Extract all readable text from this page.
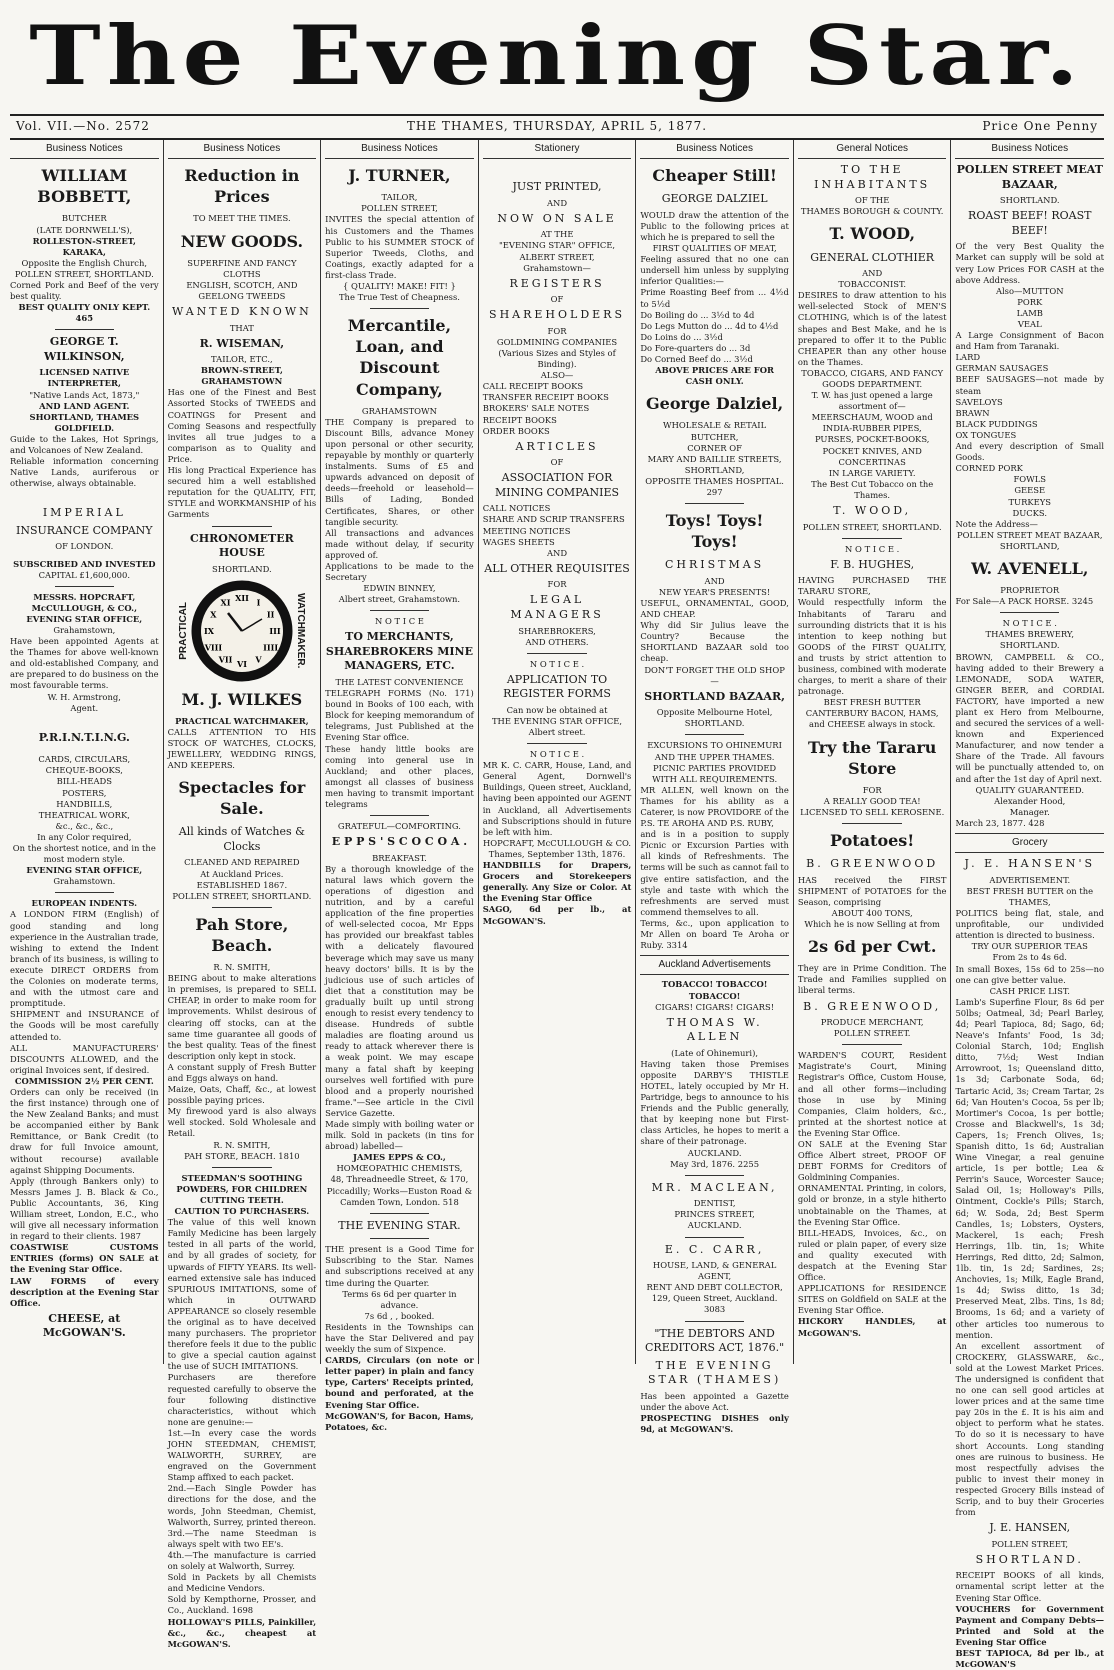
The Evening Star.
Vol. VII.—No. 2572	THE THAMES, THURSDAY, APRIL 5, 1877.	Price One Penny
Business Notices
WILLIAM BOBBETT,
BUTCHER
(LATE DORNWELL'S),
ROLLESTON-STREET, KARAKA,
Opposite the English Church,
POLLEN STREET, SHORTLAND.
Corned Pork and Beef of the very best quality.
BEST QUALITY ONLY KEPT. 465
GEORGE T. WILKINSON,
LICENSED NATIVE INTERPRETER,
"Native Lands Act, 1873,"
AND LAND AGENT.
SHORTLAND, THAMES GOLDFIELD.
Guide to the Lakes, Hot Springs, and Volcanoes of New Zealand.
Reliable information concerning Native Lands, auriferous or otherwise, always obtainable.
IMPERIAL
INSURANCE COMPANY
OF LONDON.
SUBSCRIBED AND INVESTED
CAPITAL £1,600,000.
MESSRS. HOPCRAFT, McCULLOUGH, & CO.,
EVENING STAR OFFICE,
Grahamstown,
Have been appointed Agents at the Thames for above well-known and old-established Company, and are prepared to do business on the most favourable terms.
W. H. Armstrong,
Agent.
P.R.I.N.T.I.N.G.
CARDS, CIRCULARS,
CHEQUE-BOOKS,
BILL-HEADS
POSTERS,
HANDBILLS,
THEATRICAL WORK,
&c., &c., &c.,
In any Color required,
On the shortest notice, and in the most modern style.
EVENING STAR OFFICE,
Grahamstown.
EUROPEAN INDENTS.
A LONDON FIRM (English) of good standing and long experience in the Australian trade, wishing to extend the Indent branch of its business, is willing to execute DIRECT ORDERS from the Colonies on moderate terms, and with the utmost care and promptitude.
SHIPMENT and INSURANCE of the Goods will be most carefully attended to.
ALL MANUFACTURERS' DISCOUNTS ALLOWED, and the original Invoices sent, if desired.
COMMISSION 2½ PER CENT.
Orders can only be received (in the first instance) through one of the New Zealand Banks; and must be accompanied either by Bank Remittance, or Bank Credit (to draw for full Invoice amount, without recourse) available against Shipping Documents.
Apply (through Bankers only) to Messrs James J. B. Black & Co., Public Accountants, 36, King William street, London, E.C., who will give all necessary information in regard to their clients. 1987
COASTWISE CUSTOMS ENTRIES (forms) ON SALE at the Evening Star Office.
LAW FORMS of every description at the Evening Star Office.
CHEESE, at McGOWAN'S.
Business Notices
Reduction in Prices
TO MEET THE TIMES.
NEW GOODS.
SUPERFINE AND FANCY CLOTHS
ENGLISH, SCOTCH, AND GEELONG TWEEDS
WANTED KNOWN
THAT
R. WISEMAN,
TAILOR, ETC.,
BROWN-STREET, GRAHAMSTOWN
Has one of the Finest and Best Assorted Stocks of TWEEDS and COATINGS for Present and Coming Seasons and respectfully invites all true judges to a comparison as to Quality and Price.
His long Practical Experience has secured him a well established reputation for the QUALITY, FIT, STYLE and WORKMANSHIP of his Garments
CHRONOMETER HOUSE
SHORTLAND.
PRACTICAL
XII I
II
III
IIII
V
VI
VII
VIII
IX
X
XI	WATCHMAKER.
M. J. WILKES
PRACTICAL WATCHMAKER,
CALLS ATTENTION TO HIS STOCK OF WATCHES, CLOCKS, JEWELLERY, WEDDING RINGS, AND KEEPERS.
Spectacles for Sale.
All kinds of Watches & Clocks
CLEANED AND REPAIRED
At Auckland Prices.
ESTABLISHED 1867.
POLLEN STREET, SHORTLAND.
Pah Store, Beach.
R. N. SMITH,
BEING about to make alterations in premises, is prepared to SELL CHEAP, in order to make room for improvements. Whilst desirous of clearing off stocks, can at the same time guarantee all goods of the best quality. Teas of the finest description only kept in stock.
A constant supply of Fresh Butter and Eggs always on hand.
Maize, Oats, Chaff, &c., at lowest possible paying prices.
My firewood yard is also always well stocked. Sold Wholesale and Retail.
R. N. SMITH,
PAH STORE, BEACH. 1810
STEEDMAN'S SOOTHING POWDERS, FOR CHILDREN CUTTING TEETH.
CAUTION TO PURCHASERS.
The value of this well known Family Medicine has been largely tested in all parts of the world, and by all grades of society, for upwards of FIFTY YEARS. Its well-earned extensive sale has induced SPURIOUS IMITATIONS, some of which in OUTWARD APPEARANCE so closely resemble the original as to have deceived many purchasers. The proprietor therefore feels it due to the public to give a special caution against the use of SUCH IMITATIONS.
Purchasers are therefore requested carefully to observe the four following distinctive characteristics, without which none are genuine:—
1st.—In every case the words JOHN STEEDMAN, CHEMIST, WALWORTH, SURREY, are engraved on the Government Stamp affixed to each packet.
2nd.—Each Single Powder has directions for the dose, and the words, John Steedman, Chemist, Walworth, Surrey, printed thereon.
3rd.—The name Steedman is always spelt with two EE's.
4th.—The manufacture is carried on solely at Walworth, Surrey.
Sold in Packets by all Chemists and Medicine Vendors.
Sold by Kempthorne, Prosser, and Co., Auckland. 1698
HOLLOWAY'S PILLS, Painkiller, &c., &c., cheapest at McGOWAN'S.
Business Notices
J. TURNER,
TAILOR,
POLLEN STREET,
INVITES the special attention of his Customers and the Thames Public to his SUMMER STOCK of Superior Tweeds, Cloths, and Coatings, exactly adapted for a first-class Trade.
{ QUALITY! MAKE! FIT! }
The True Test of Cheapness.
Mercantile, Loan, and Discount Company,
GRAHAMSTOWN
THE Company is prepared to Discount Bills, advance Money upon personal or other security, repayable by monthly or quarterly instalments. Sums of £5 and upwards advanced on deposit of deeds—freehold or leasehold—Bills of Lading, Bonded Certificates, Shares, or other tangible security.
All transactions and advances made without delay, if security approved of.
Applications to be made to the Secretary
EDWIN BINNEY,
Albert street, Grahamstown.
N O T I C E
TO MERCHANTS, SHAREBROKERS MINE MANAGERS, ETC.
THE LATEST CONVENIENCE
TELEGRAPH FORMS (No. 171) bound in Books of 100 each, with Block for keeping memorandum of telegrams, Just Published at the Evening Star office.
These handy little books are coming into general use in Auckland; and other places, amongst all classes of business men having to transmit important telegrams
GRATEFUL—COMFORTING.
E P P S ' S C O C O A .
BREAKFAST.
By a thorough knowledge of the natural laws which govern the operations of digestion and nutrition, and by a careful application of the fine properties of well-selected cocoa, Mr Epps has provided our breakfast tables with a delicately flavoured beverage which may save us many heavy doctors' bills. It is by the judicious use of such articles of diet that a constitution may be gradually built up until strong enough to resist every tendency to disease. Hundreds of subtle maladies are floating around us ready to attack wherever there is a weak point. We may escape many a fatal shaft by keeping ourselves well fortified with pure blood and a properly nourished frame."—See article in the Civil Service Gazette.
Made simply with boiling water or milk. Sold in packets (in tins for abroad) labelled—
JAMES EPPS & CO.,
HOMŒOPATHIC CHEMISTS,
48, Threadneedle Street, & 170, Piccadilly; Works—Euston Road & Camden Town, London. 518
THE EVENING STAR.
THE present is a Good Time for Subscribing to the Star. Names and subscriptions received at any time during the Quarter.
Terms 6s 6d per quarter in advance.
7s 6d , , booked.
Residents in the Townships can have the Star Delivered and pay weekly the sum of Sixpence.
CARDS, Circulars (on note or letter paper) in plain and fancy type, Carters' Receipts printed, bound and perforated, at the Evening Star Office.
McGOWAN'S, for Bacon, Hams, Potatoes, &c.
Stationery
JUST PRINTED,
AND
NOW ON SALE
AT THE
"EVENING STAR" OFFICE,
ALBERT STREET,
Grahamstown—
REGISTERS
OF
SHAREHOLDERS
FOR
GOLDMINING COMPANIES
(Various Sizes and Styles of Binding).
ALSO—
CALL RECEIPT BOOKS
TRANSFER RECEIPT BOOKS
BROKERS' SALE NOTES
RECEIPT BOOKS
ORDER BOOKS
ARTICLES
OF
ASSOCIATION FOR MINING COMPANIES
CALL NOTICES
SHARE AND SCRIP TRANSFERS
MEETING NOTICES
WAGES SHEETS
AND
ALL OTHER REQUISITES
FOR
LEGAL MANAGERS
SHAREBROKERS,
AND OTHERS.
N O T I C E .
APPLICATION TO REGISTER FORMS
Can now be obtained at
THE EVENING STAR OFFICE,
Albert street.
N O T I C E .
MR K. C. CARR, House, Land, and General Agent, Dornwell's Buildings, Queen street, Auckland, having been appointed our AGENT in Auckland, all Advertisements and Subscriptions should in future be left with him.
HOPCRAFT, McCULLOUGH & CO.
Thames, September 13th, 1876.
HANDBILLS for Drapers, Grocers and Storekeepers generally. Any Size or Color. At the Evening Star Office
SAGO, 6d per lb., at McGOWAN'S.
Business Notices
Cheaper Still!
GEORGE DALZIEL
WOULD draw the attention of the Public to the following prices at which he is prepared to sell the
FIRST QUALITIES OF MEAT,
Feeling assured that no one can undersell him unless by supplying inferior Qualities:—
Prime Roasting Beef from ... 4½d to 5½d
Do Boiling do ... 3½d to 4d
Do Legs Mutton do ... 4d to 4½d
Do Loins do ... 3½d
Do Fore-quarters do ... 3d
Do Corned Beef do ... 3½d
ABOVE PRICES ARE FOR CASH ONLY.
George Dalziel,
WHOLESALE & RETAIL BUTCHER,
CORNER OF
MARY AND BAILLIE STREETS,
SHORTLAND,
OPPOSITE THAMES HOSPITAL. 297
Toys! Toys! Toys!
CHRISTMAS
AND
NEW YEAR'S PRESENTS!
USEFUL, ORNAMENTAL, GOOD, AND CHEAP.
Why did Sir Julius leave the Country? Because the SHORTLAND BAZAAR sold too cheap.
DON'T FORGET THE OLD SHOP—
SHORTLAND BAZAAR,
Opposite Melbourne Hotel,
SHORTLAND.
EXCURSIONS TO OHINEMURI AND THE UPPER THAMES.
PICNIC PARTIES PROVIDED WITH ALL REQUIREMENTS.
MR ALLEN, well known on the Thames for his ability as a Caterer, is now PROVIDORE of the P.S. TE AROHA AND P.S. RUBY,
and is in a position to supply Picnic or Excursion Parties with all kinds of Refreshments. The terms will be such as cannot fail to give entire satisfaction, and the style and taste with which the refreshments are served must commend themselves to all.
Terms, &c., upon application to Mr Allen on board Te Aroha or Ruby. 3314
Auckland Advertisements
TOBACCO! TOBACCO! TOBACCO!
CIGARS! CIGARS! CIGARS!
THOMAS W. ALLEN
(Late of Ohinemuri),
Having taken those Premises opposite DARBY'S THISTLE HOTEL, lately occupied by Mr H. Partridge, begs to announce to his Friends and the Public generally, that by keeping none but First-class Articles, he hopes to merit a share of their patronage.
AUCKLAND.
May 3rd, 1876. 2255
MR. MACLEAN,
DENTIST,
PRINCES STREET,
AUCKLAND.
E. C. CARR,
HOUSE, LAND, & GENERAL AGENT,
RENT AND DEBT COLLECTOR,
129, Queen Street, Auckland. 3083
"THE DEBTORS AND CREDITORS ACT, 1876."
THE EVENING STAR (THAMES)
Has been appointed a Gazette under the above Act.
PROSPECTING DISHES only 9d, at McGOWAN'S.
General Notices
TO THE INHABITANTS
OF THE
THAMES BOROUGH & COUNTY.
T. WOOD,
GENERAL CLOTHIER
AND
TOBACCONIST.
DESIRES to draw attention to his well-selected Stock of MEN'S CLOTHING, which is of the latest shapes and Best Make, and he is prepared to offer it to the Public CHEAPER than any other house on the Thames.
TOBACCO, CIGARS, AND FANCY GOODS DEPARTMENT.
T. W. has just opened a large assortment of—
MEERSCHAUM, WOOD and INDIA-RUBBER PIPES,
PURSES, POCKET-BOOKS, POCKET KNIVES, AND CONCERTINAS
IN LARGE VARIETY.
The Best Cut Tobacco on the Thames.
T. WOOD,
POLLEN STREET, SHORTLAND.
N O T I C E .
F. B. HUGHES,
HAVING PURCHASED THE TARARU STORE,
Would respectfully inform the Inhabitants of Tararu and surrounding districts that it is his intention to keep nothing but GOODS of the FIRST QUALITY, and trusts by strict attention to business, combined with moderate charges, to merit a share of their patronage.
BEST FRESH BUTTER
CANTERBURY BACON, HAMS, and CHEESE always in stock.
Try the Tararu Store
FOR
A REALLY GOOD TEA!
LICENSED TO SELL KEROSENE.
Potatoes!
B. GREENWOOD
HAS received the FIRST SHIPMENT of POTATOES for the Season, comprising
ABOUT 400 TONS,
Which he is now Selling at from
2s 6d per Cwt.
They are in Prime Condition. The Trade and Families supplied on liberal terms.
B. GREENWOOD,
PRODUCE MERCHANT,
POLLEN STREET.
WARDEN'S COURT, Resident Magistrate's Court, Mining Registrar's Office, Custom House, and all other forms—including those in use by Mining Companies, Claim holders, &c., printed at the shortest notice at the Evening Star Office.
ON SALE at the Evening Star Office Albert street, PROOF OF DEBT FORMS for Creditors of Goldmining Companies.
ORNAMENTAL Printing, in colors, gold or bronze, in a style hitherto unobtainable on the Thames, at the Evening Star Office.
BILL-HEADS, Invoices, &c., on ruled or plain paper, of every size and quality executed with despatch at the Evening Star Office.
APPLICATIONS for RESIDENCE SITES on Goldfield on SALE at the Evening Star Office.
HICKORY HANDLES, at McGOWAN'S.
Business Notices
POLLEN STREET MEAT BAZAAR,
SHORTLAND.
ROAST BEEF! ROAST BEEF!
Of the very Best Quality the Market can supply will be sold at very Low Prices FOR CASH at the above Address.
Also—MUTTON
PORK
LAMB
VEAL
A Large Consignment of Bacon and Ham from Taranaki.
LARD
GERMAN SAUSAGES
BEEF SAUSAGES—not made by steam
SAVELOYS
BRAWN
BLACK PUDDINGS
OX TONGUES
And every description of Small Goods.
CORNED PORK
FOWLS
GEESE
TURKEYS
DUCKS.
Note the Address—
POLLEN STREET MEAT BAZAAR,
SHORTLAND,
W. AVENELL,
PROPRIETOR
For Sale—A PACK HORSE. 3245
N O T I C E .
THAMES BREWERY, SHORTLAND.
BROWN, CAMPBELL & CO., having added to their Brewery a LEMONADE, SODA WATER, GINGER BEER, and CORDIAL FACTORY, have imported a new plant ex Hero from Melbourne, and secured the services of a well-known and Experienced Manufacturer, and now tender a Share of the Trade. All favours will be punctually attended to, on and after the 1st day of April next.
QUALITY GUARANTEED.
Alexander Hood,
Manager.
March 23, 1877. 428
Grocery
J. E. HANSEN'S
ADVERTISEMENT.
BEST FRESH BUTTER on the THAMES,
POLITICS being flat, stale, and unprofitable, our undivided attention is directed to business.
TRY OUR SUPERIOR TEAS
From 2s to 4s 6d.
In small Boxes, 15s 6d to 25s—no one can give better value.
CASH PRICE LIST.
Lamb's Superfine Flour, 8s 6d per 50lbs; Oatmeal, 3d; Pearl Barley, 4d; Pearl Tapioca, 8d; Sago, 6d; Neave's Infants' Food, 1s 3d; Colonial Starch, 10d; English ditto, 7½d; West Indian Arrowroot, 1s; Queensland ditto, 1s 3d; Carbonate Soda, 6d; Tartaric Acid, 3s; Cream Tartar, 2s 6d; Van Houten's Cocoa, 5s per lb; Mortimer's Cocoa, 1s per bottle; Crosse and Blackwell's, 1s 3d; Capers, 1s; French Olives, 1s; Spanish ditto, 1s 6d; Australian Wine Vinegar, a real genuine article, 1s per bottle; Lea & Perrin's Sauce, Worcester Sauce; Salad Oil, 1s; Holloway's Pills, Ointment, Cockle's Pills; Starch, 6d; W. Soda, 2d; Best Sperm Candles, 1s; Lobsters, Oysters, Mackerel, 1s each; Fresh Herrings, 1lb. tin, 1s; White Herrings, Red ditto, 2d; Salmon, 1lb. tin, 1s 2d; Sardines, 2s; Anchovies, 1s; Milk, Eagle Brand, 1s 4d; Swiss ditto, 1s 3d; Preserved Meat, 2lbs. Tins, 1s 8d; Brooms, 1s 6d; and a variety of other articles too numerous to mention.
An excellent assortment of CROCKERY, GLASSWARE, &c., sold at the Lowest Market Prices. The undersigned is confident that no one can sell good articles at lower prices and at the same time pay 20s in the £. It is his aim and object to perform what he states. To do so it is necessary to have short Accounts. Long standing ones are ruinous to business. He most respectfully advises the public to invest their money in respected Grocery Bills instead of Scrip, and to buy their Groceries from
J. E. HANSEN,
POLLEN STREET,
SHORTLAND.
RECEIPT BOOKS of all kinds, ornamental script letter at the Evening Star Office.
VOUCHERS for Government Payment and Company Debts—Printed and Sold at the Evening Star Office
BEST TAPIOCA, 8d per lb., at McGOWAN'S
